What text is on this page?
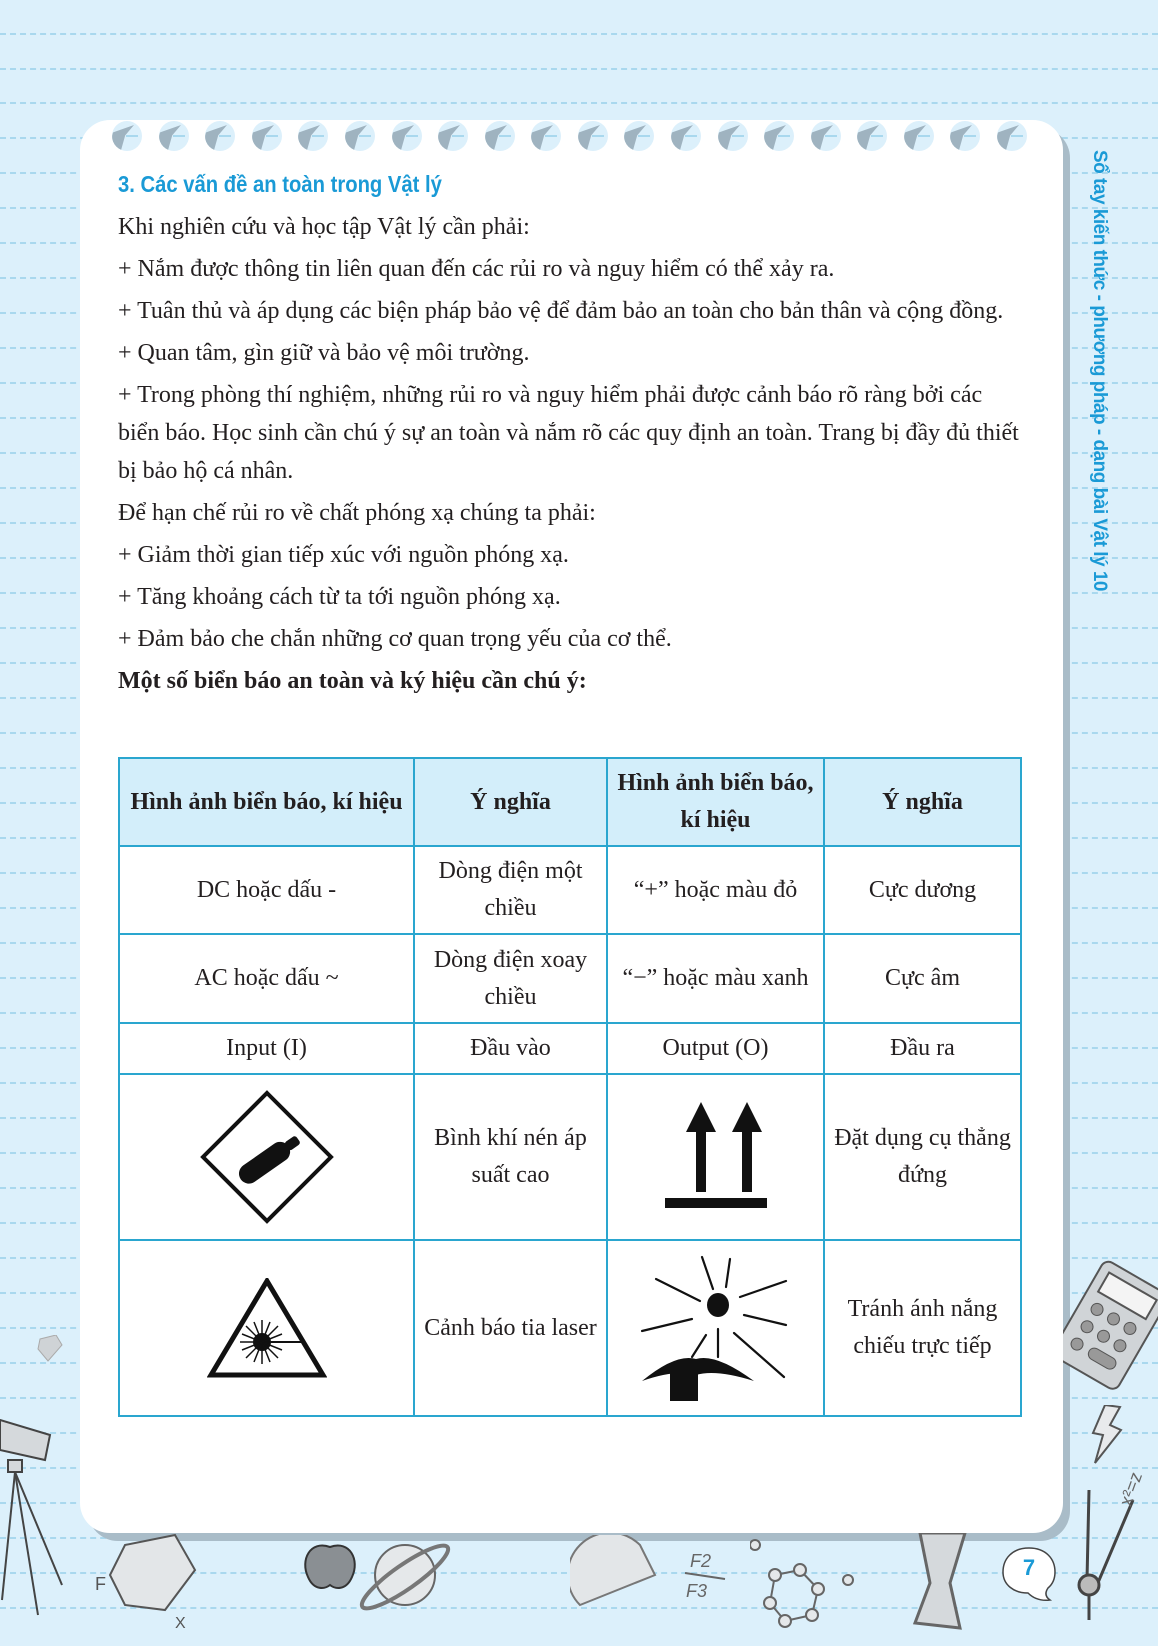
Sổ tay kiến thức - phương pháp - dạng bài Vật lý 10
3. Các vấn đề an toàn trong Vật lý

Khi nghiên cứu và học tập Vật lý cần phải:

+ Nắm được thông tin liên quan đến các rủi ro và nguy hiểm có thể xảy ra.

+ Tuân thủ và áp dụng các biện pháp bảo vệ để đảm bảo an toàn cho bản thân và cộng đồng.

+ Quan tâm, gìn giữ và bảo vệ môi trường.

+ Trong phòng thí nghiệm, những rủi ro và nguy hiểm phải được cảnh báo rõ ràng bởi các biển báo. Học sinh cần chú ý sự an toàn và nắm rõ các quy định an toàn. Trang bị đầy đủ thiết bị bảo hộ cá nhân.

Để hạn chế rủi ro về chất phóng xạ chúng ta phải:

+ Giảm thời gian tiếp xúc với nguồn phóng xạ.

+ Tăng khoảng cách từ ta tới nguồn phóng xạ.

+ Đảm bảo che chắn những cơ quan trọng yếu của cơ thể.

Một số biển báo an toàn và ký hiệu cần chú ý:

Hình ảnh biển báo, kí hiệu	Ý nghĩa	Hình ảnh biển báo, kí hiệu	Ý nghĩa
DC hoặc dấu -	Dòng điện một chiều	“+” hoặc màu đỏ	Cực dương
AC hoặc dấu ~	Dòng điện xoay chiều	“−” hoặc màu xanh	Cực âm
Input (I)	Đầu vào	Output (O)	Đầu ra

	Bình khí nén áp suất cao		Đặt dụng cụ thẳng đứng

	Cảnh báo tia laser		Tránh ánh nắng chiếu trực tiếp
F
X
F2
F3
7
x²=z
